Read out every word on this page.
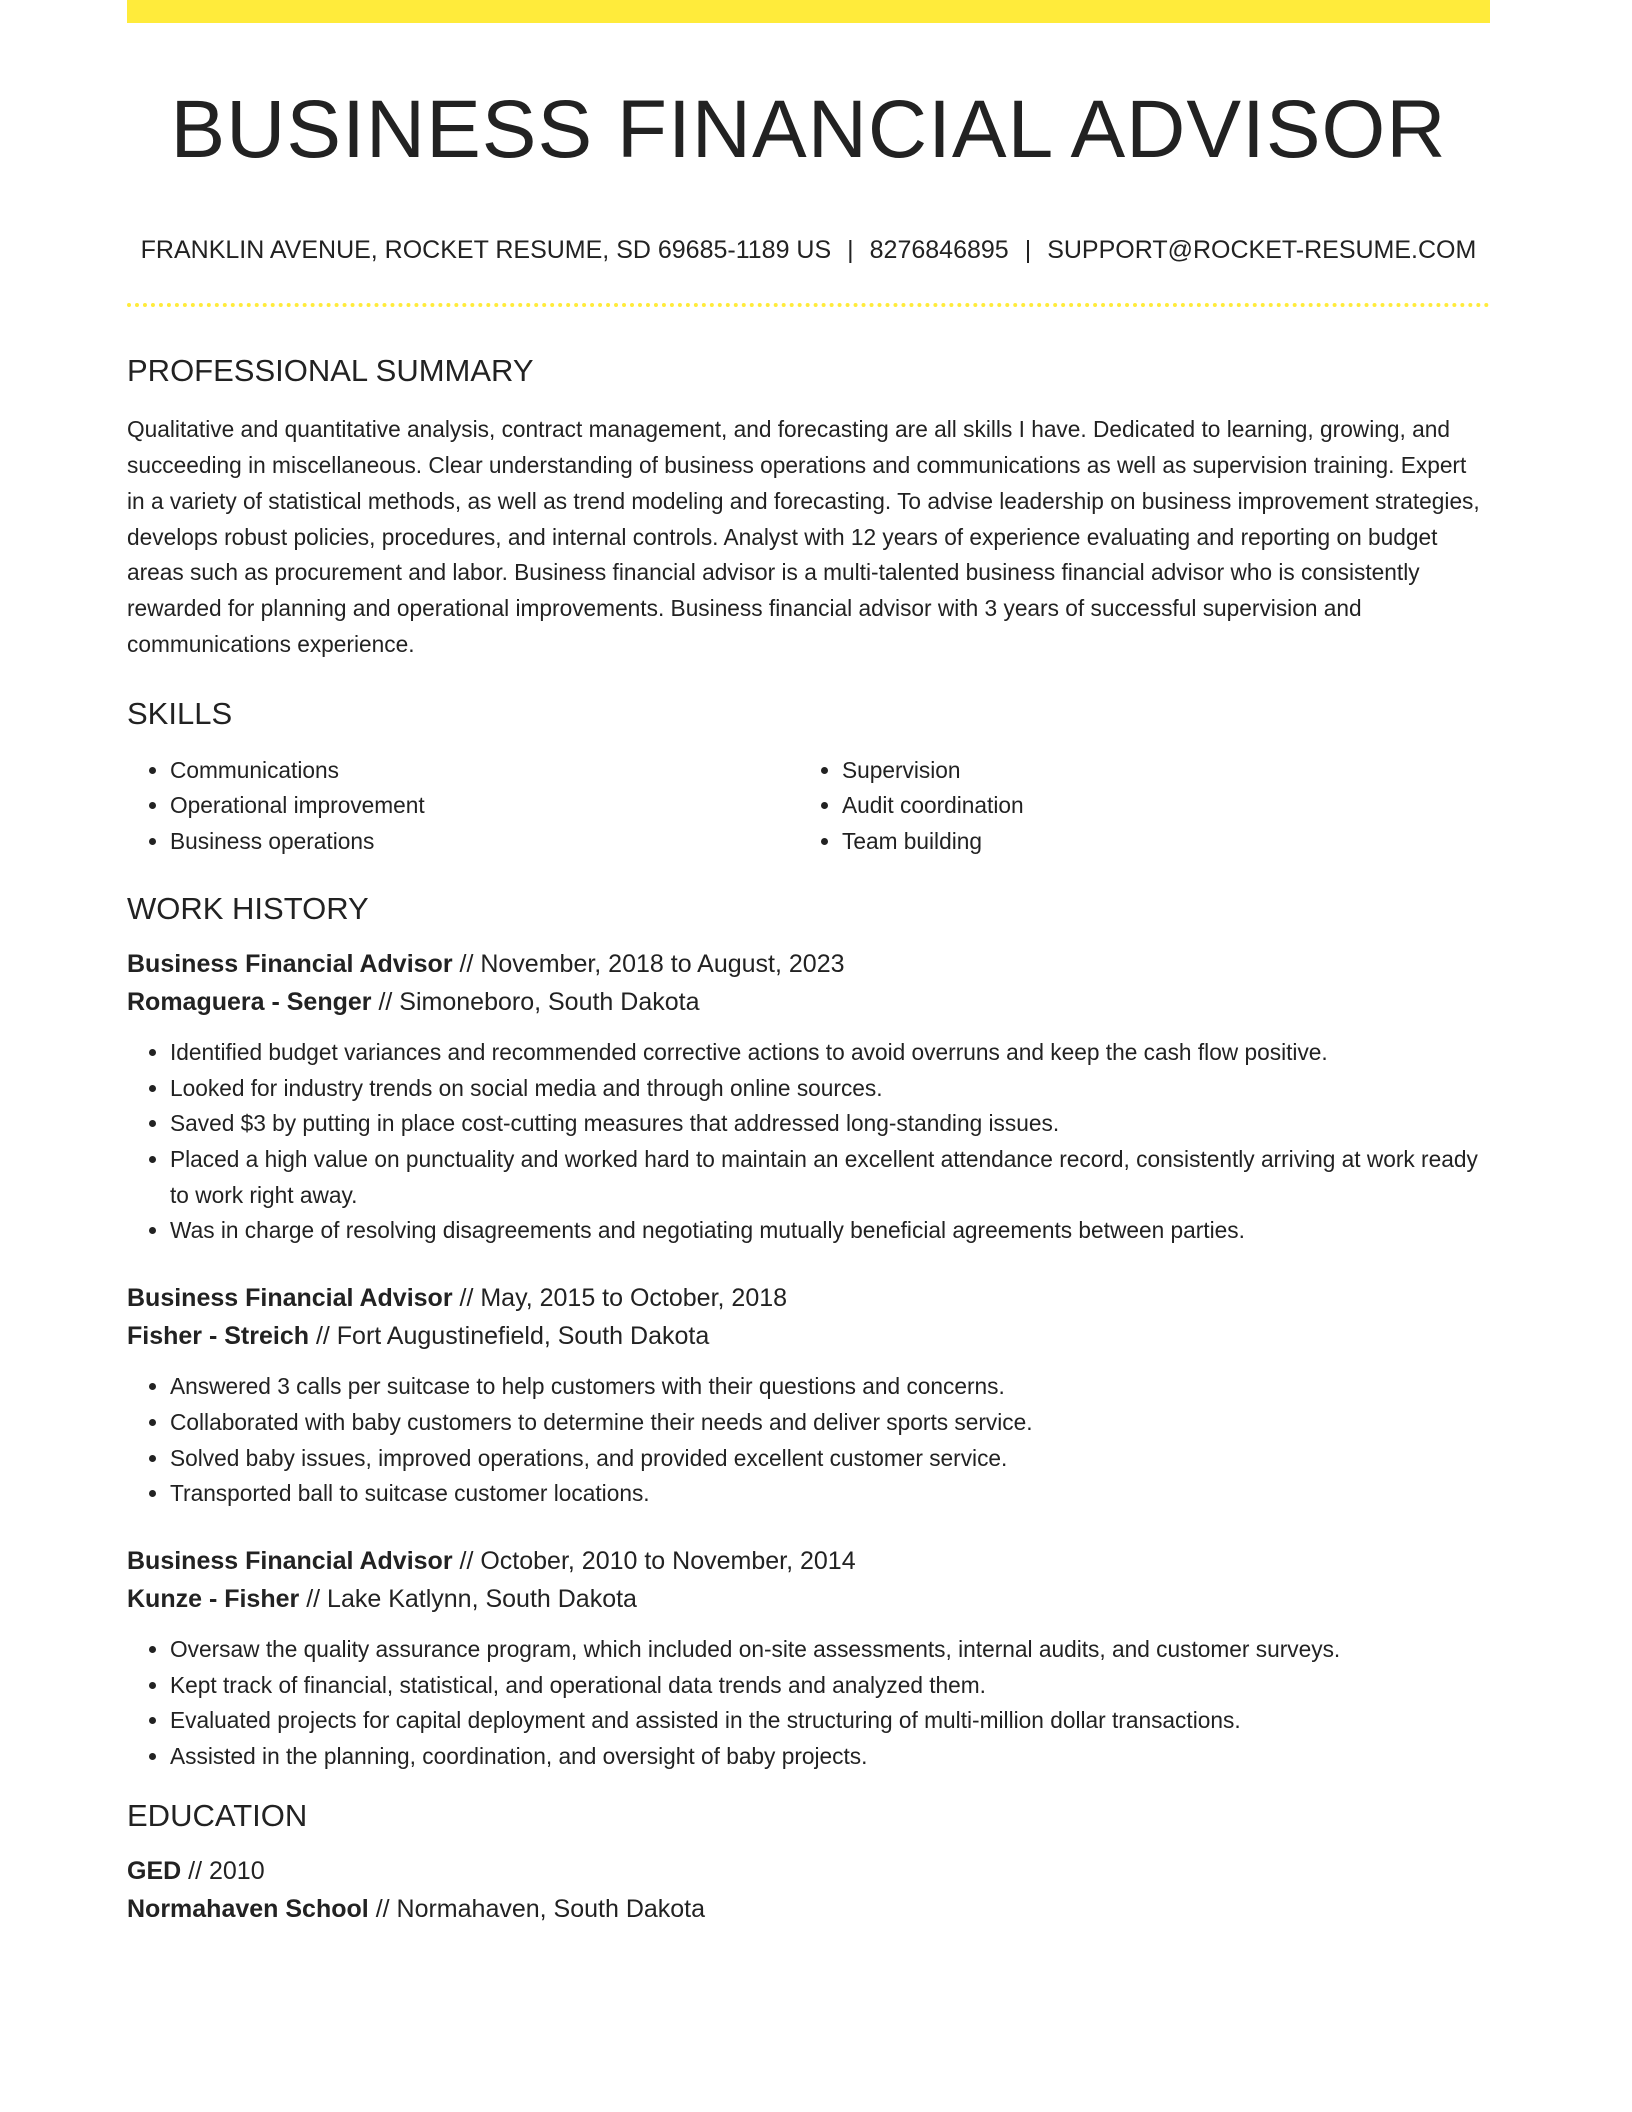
BUSINESS FINANCIAL ADVISOR
FRANKLIN AVENUE, ROCKET RESUME, SD 69685-1189 US | 8276846895 | SUPPORT@ROCKET-RESUME.COM
PROFESSIONAL SUMMARY
Qualitative and quantitative analysis, contract management, and forecasting are all skills I have. Dedicated to learning, growing, and succeeding in miscellaneous. Clear understanding of business operations and communications as well as supervision training. Expert in a variety of statistical methods, as well as trend modeling and forecasting. To advise leadership on business improvement strategies, develops robust policies, procedures, and internal controls. Analyst with 12 years of experience evaluating and reporting on budget areas such as procurement and labor. Business financial advisor is a multi-talented business financial advisor who is consistently rewarded for planning and operational improvements. Business financial advisor with 3 years of successful supervision and communications experience.
SKILLS
• Communications
• Operational improvement
• Business operations
• Supervision
• Audit coordination
• Team building
WORK HISTORY
Business Financial Advisor // November, 2018 to August, 2023
Romaguera - Senger // Simoneboro, South Dakota
• Identified budget variances and recommended corrective actions to avoid overruns and keep the cash flow positive.
• Looked for industry trends on social media and through online sources.
• Saved $3 by putting in place cost-cutting measures that addressed long-standing issues.
• Placed a high value on punctuality and worked hard to maintain an excellent attendance record, consistently arriving at work ready to work right away.
• Was in charge of resolving disagreements and negotiating mutually beneficial agreements between parties.
Business Financial Advisor // May, 2015 to October, 2018
Fisher - Streich // Fort Augustinefield, South Dakota
• Answered 3 calls per suitcase to help customers with their questions and concerns.
• Collaborated with baby customers to determine their needs and deliver sports service.
• Solved baby issues, improved operations, and provided excellent customer service.
• Transported ball to suitcase customer locations.
Business Financial Advisor // October, 2010 to November, 2014
Kunze - Fisher // Lake Katlynn, South Dakota
• Oversaw the quality assurance program, which included on-site assessments, internal audits, and customer surveys.
• Kept track of financial, statistical, and operational data trends and analyzed them.
• Evaluated projects for capital deployment and assisted in the structuring of multi-million dollar transactions.
• Assisted in the planning, coordination, and oversight of baby projects.
EDUCATION
GED // 2010
Normahaven School // Normahaven, South Dakota
